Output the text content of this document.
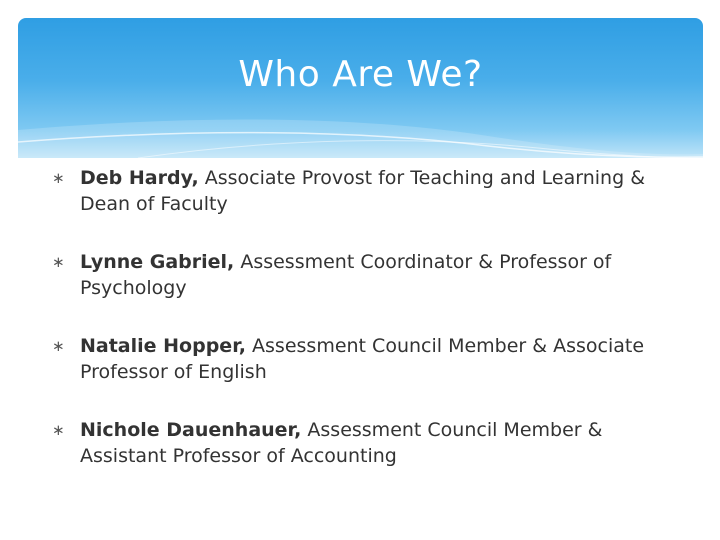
Who Are We?
∗ Deb Hardy, Associate Provost for Teaching and Learning & Dean of Faculty
∗ Lynne Gabriel, Assessment Coordinator & Professor of Psychology
∗ Natalie Hopper, Assessment Council Member & Associate Professor of English
∗ Nichole Dauenhauer, Assessment Council Member & Assistant Professor of Accounting
